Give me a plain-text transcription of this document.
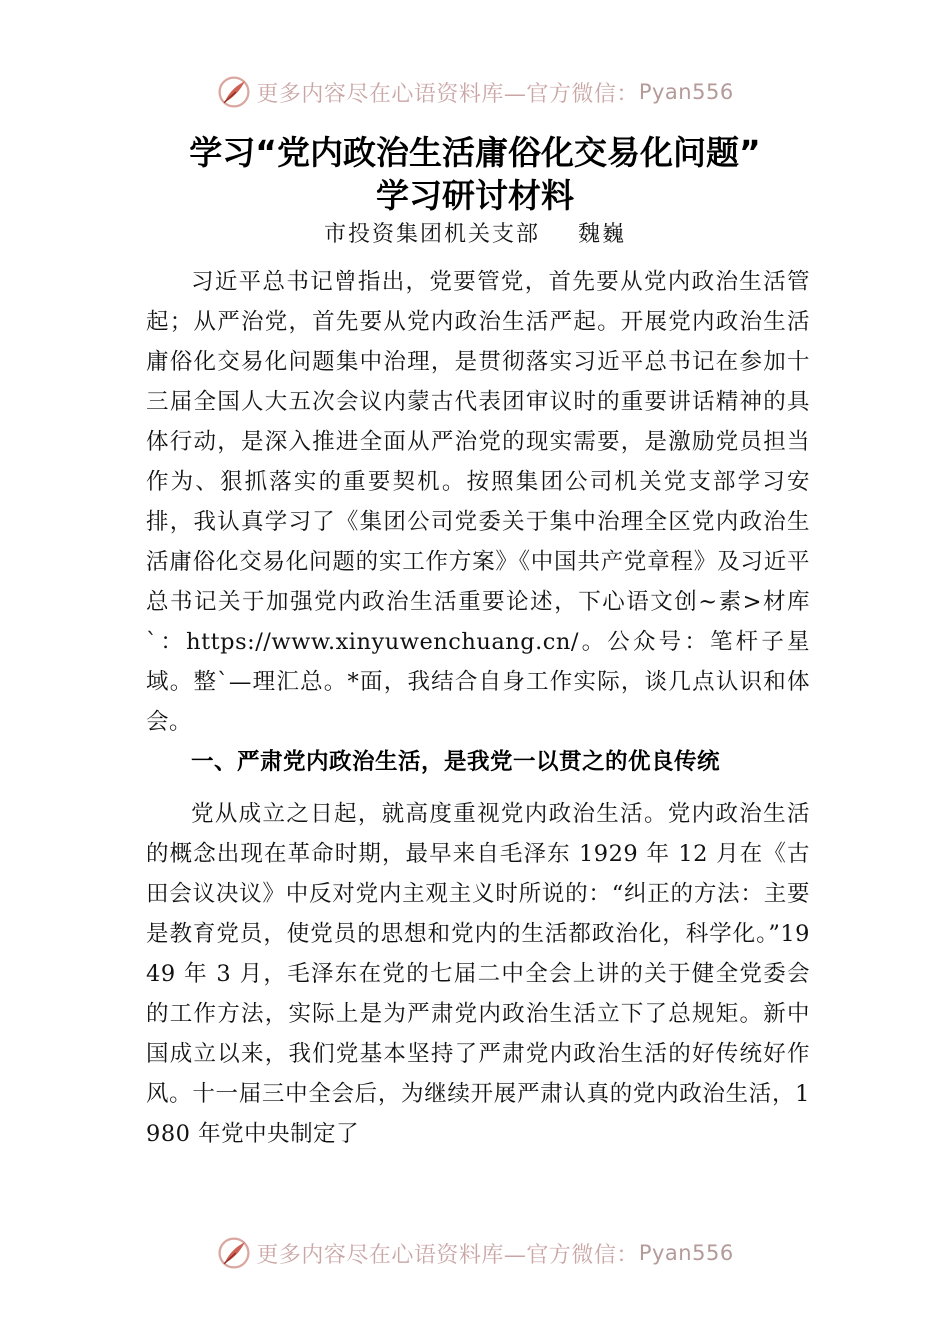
更多内容尽在心语资料库—官方微信： Pyan556
学习“党内政治生活庸俗化交易化问题”
学习研讨材料
市投资集团机关支部 魏巍

习近平总书记曾指出，党要管党，首先要从党内政治生活管起；从严治党，首先要从党内政治生活严起。开展党内政治生活庸俗化交易化问题集中治理，是贯彻落实习近平总书记在参加十三届全国人大五次会议内蒙古代表团审议时的重要讲话精神的具体行动，是深入推进全面从严治党的现实需要，是激励党员担当作为、狠抓落实的重要契机。按照集团公司机关党支部学习安排，我认真学习了《集团公司党委关于集中治理全区党内政治生活庸俗化交易化问题的实工作方案》《中国共产党章程》及习近平总书记关于加强党内政治生活重要论述，下心语文创~素>材库`：https://www.xinyuwenchuang.cn/。公众号：笔杆子星域。整`—理汇总。*面，我结合自身工作实际，谈几点认识和体会。

一、严肃党内政治生活，是我党一以贯之的优良传统

党从成立之日起，就高度重视党内政治生活。党内政治生活的概念出现在革命时期，最早来自毛泽东 1929 年 12 月在《古田会议决议》中反对党内主观主义时所说的：“纠正的方法：主要是教育党员，使党员的思想和党内的生活都政治化，科学化。”1949 年 3 月，毛泽东在党的七届二中全会上讲的关于健全党委会的工作方法，实际上是为严肃党内政治生活立下了总规矩。新中国成立以来，我们党基本坚持了严肃党内政治生活的好传统好作风。十一届三中全会后，为继续开展严肃认真的党内政治生活，1980 年党中央制定了

更多内容尽在心语资料库—官方微信： Pyan556
